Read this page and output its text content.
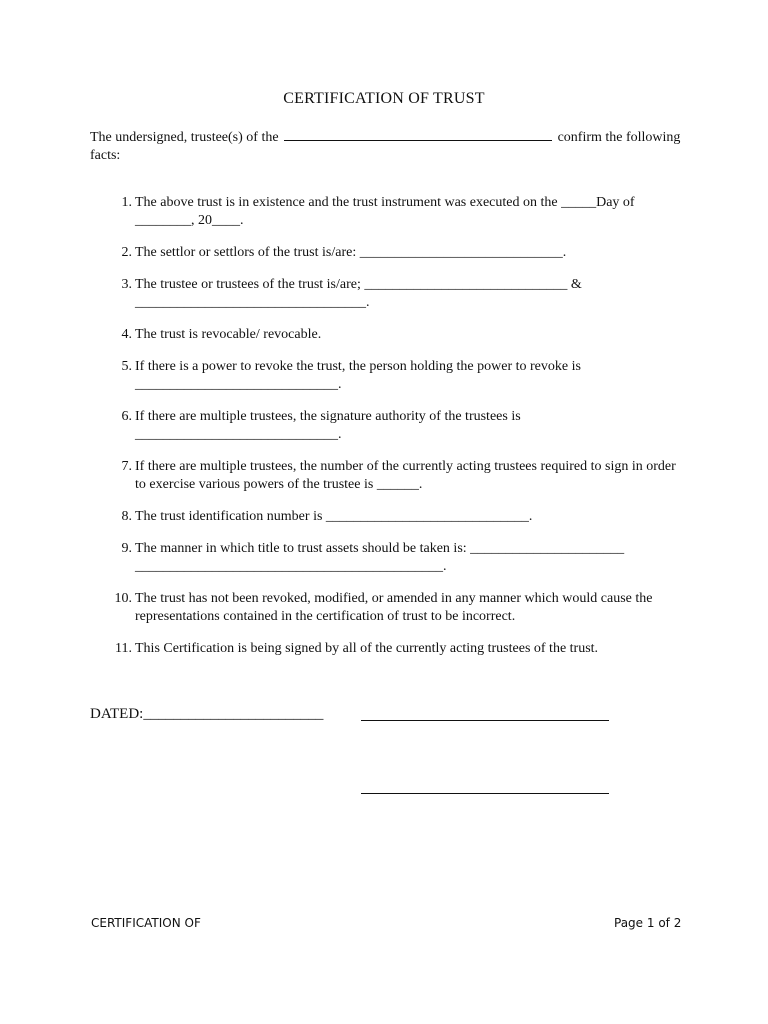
CERTIFICATION OF TRUST
The undersigned, trustee(s) of the	confirm the following facts:
1. The above trust is in existence and the trust instrument was executed on the _____Day of ________, 20____.
2. The settlor or settlors of the trust is/are: _____________________________.
3. The trustee or trustees of the trust is/are; _____________________________ & _________________________________.
4. The trust is revocable/ revocable.
5. If there is a power to revoke the trust, the person holding the power to revoke is _____________________________.
6. If there are multiple trustees, the signature authority of the trustees is _____________________________.
7. If there are multiple trustees, the number of the currently acting trustees required to sign in order to exercise various powers of the trustee is ______.
8. The trust identification number is _____________________________.
9. The manner in which title to trust assets should be taken is: ______________________ ____________________________________________.
10. The trust has not been revoked, modified, or amended in any manner which would cause the representations contained in the certification of trust to be incorrect.
11. This Certification is being signed by all of the currently acting trustees of the trust.
DATED:________________________
CERTIFICATION OF	Page 1 of 2
